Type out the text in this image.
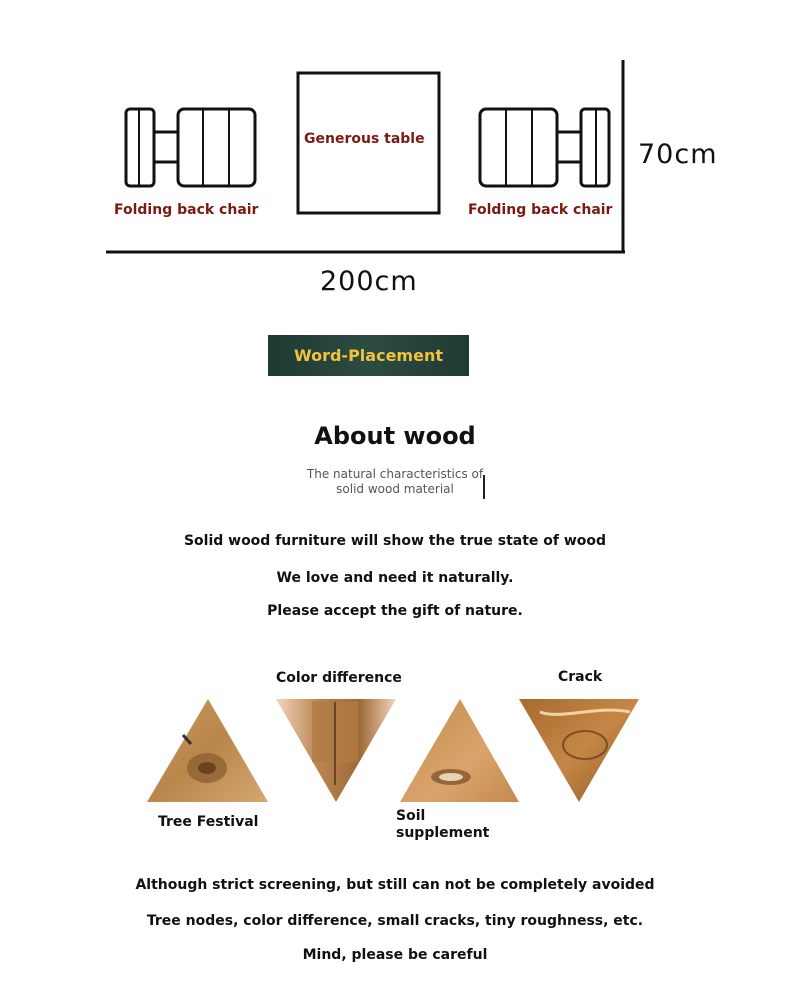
Generous table
Folding back chair	Folding back chair
70cm
200cm
Word-Placement
About wood
The natural characteristics of
solid wood material
Solid wood furniture will show the true state of wood
We love and need it naturally.
Please accept the gift of nature.
Color difference	Crack
Tree Festival	Soil
supplement
Although strict screening, but still can not be completely avoided
Tree nodes, color difference, small cracks, tiny roughness, etc.
Mind, please be careful
